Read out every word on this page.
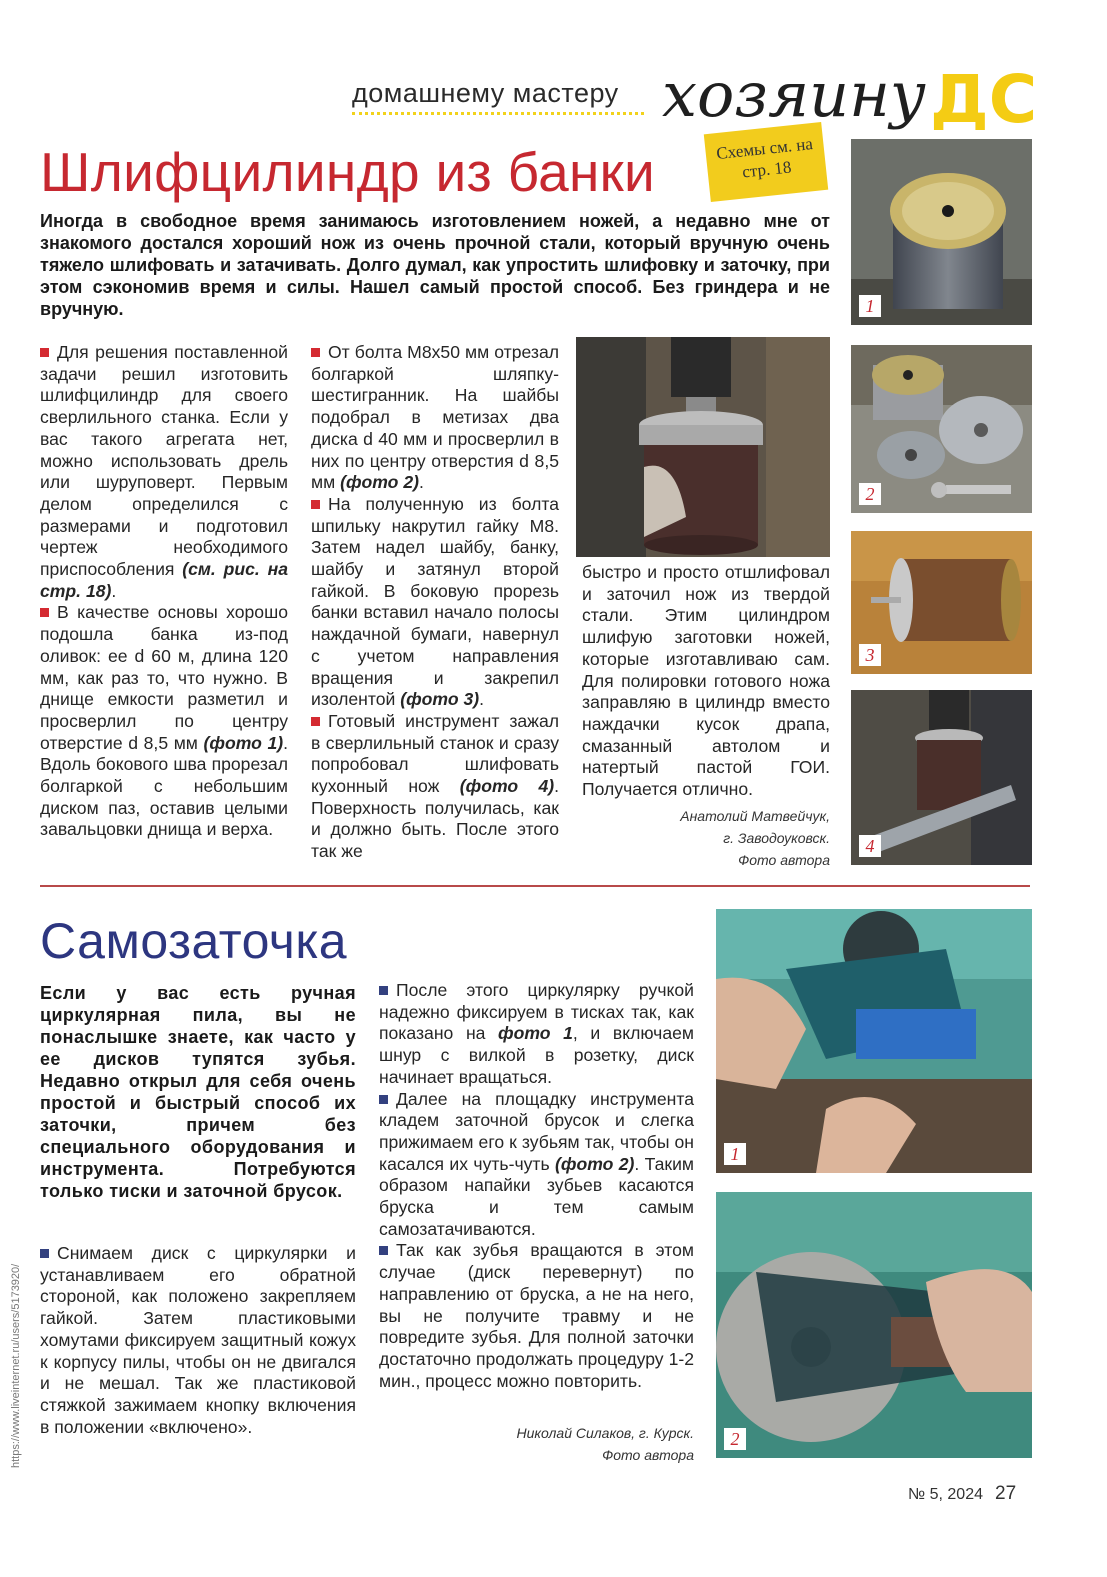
домашнему мастеру хозяину ДС
Шлифцилиндр из банки	Схемы см. на стр. 18
Иногда в свободное время занимаюсь изготовлением ножей, а недавно мне от знакомого достался хороший нож из очень прочной стали, который вручную очень тяжело шлифовать и затачивать. Долго думал, как упростить шлифовку и заточку, при этом сэкономив время и силы. Нашел самый простой способ. Без гриндера и не вручную.

Для решения поставленной задачи решил изготовить шлифцилиндр для своего сверлильного станка. Если у вас такого агрегата нет, можно использовать дрель или шуруповерт. Первым делом определился с размерами и подготовил чертеж необходимого приспособления (см. рис. на стр. 18).

В качестве основы хорошо подошла банка из-под оливок: ее d 60 м, длина 120 мм, как раз то, что нужно. В днище емкости разметил и просверлил по центру отверстие d 8,5 мм (фото 1). Вдоль бокового шва прорезал болгаркой с небольшим диском паз, оставив целыми завальцовки днища и верха.

От болта М8х50 мм отрезал болгаркой шляпку-шестигранник. На шайбы подобрал в метизах два диска d 40 мм и просверлил в них по центру отверстия d 8,5 мм (фото 2).

На полученную из болта шпильку накрутил гайку М8. Затем надел шайбу, банку, шайбу и затянул второй гайкой. В боковую прорезь банки вставил начало полосы наждачной бумаги, навернул с учетом направления вращения и закрепил изолентой (фото 3).

Готовый инструмент зажал в сверлильный станок и сразу попробовал шлифовать кухонный нож (фото 4). Поверхность получилась, как и должно быть. После этого так же

быстро и просто отшлифовал и заточил нож из твердой стали. Этим цилиндром шлифую заготовки ножей, которые изготавливаю сам. Для полировки готового ножа заправляю в цилиндр вместо наждачки кусок драпа, смазанный автолом и натертый пастой ГОИ. Получается отлично.

Анатолий Матвейчук,
г. Заводоуковск.
Фото автора
1
2
3
4
Самозаточка
Если у вас есть ручная циркулярная пила, вы не понаслышке знаете, как часто у ее дисков тупятся зубья. Недавно открыл для себя очень простой и быстрый способ их заточки, причем без специального оборудования и инструмента. Потребуются только тиски и заточной брусок.

Снимаем диск с циркулярки и устанавливаем его обратной стороной, как положено закрепляем гайкой. Затем пластиковыми хомутами фиксируем защитный кожух к корпусу пилы, чтобы он не двигался и не мешал. Так же пластиковой стяжкой зажимаем кнопку включения в положении «включено».

После этого циркулярку ручкой надежно фиксируем в тисках так, как показано на фото 1, и включаем шнур с вилкой в розетку, диск начинает вращаться.

Далее на площадку инструмента кладем заточной брусок и слегка прижимаем его к зубьям так, чтобы он касался их чуть-чуть (фото 2). Таким образом напайки зубьев касаются бруска и тем самым самозатачиваются.

Так как зубья вращаются в этом случае (диск перевернут) по направлению от бруска, а не на него, вы не получите травму и не повредите зубья. Для полной заточки достаточно продолжать процедуру 1-2 мин., процесс можно повторить.

Николай Силаков, г. Курск.
Фото автора
1
2
https://www.liveinternet.ru/users/5173920/
№ 5, 2024 27
